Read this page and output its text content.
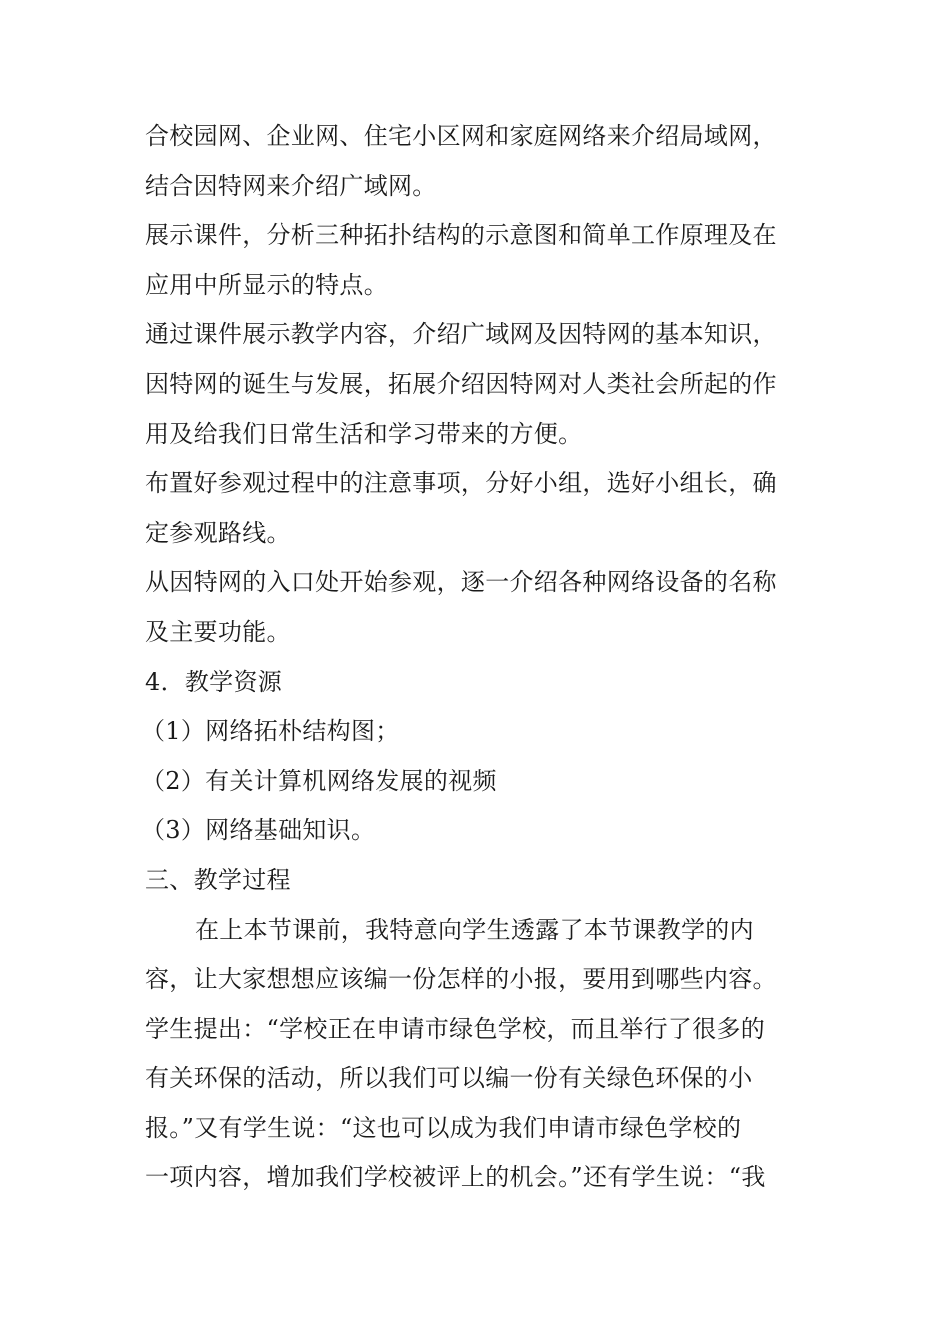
合校园网、企业网、住宅小区网和家庭网络来介绍局域网，
结合因特网来介绍广域网。
展示课件，分析三种拓扑结构的示意图和简单工作原理及在
应用中所显示的特点。
通过课件展示教学内容，介绍广域网及因特网的基本知识，
因特网的诞生与发展，拓展介绍因特网对人类社会所起的作
用及给我们日常生活和学习带来的方便。
布置好参观过程中的注意事项，分好小组，选好小组长，确
定参观路线。
从因特网的入口处开始参观，逐一介绍各种网络设备的名称
及主要功能。
4．教学资源
（1）网络拓朴结构图；
（2）有关计算机网络发展的视频
（3）网络基础知识。
三、教学过程
在上本节课前，我特意向学生透露了本节课教学的内
容，让大家想想应该编一份怎样的小报，要用到哪些内容。
学生提出：“学校正在申请市绿色学校，而且举行了很多的
有关环保的活动，所以我们可以编一份有关绿色环保的小
报。”又有学生说：“这也可以成为我们申请市绿色学校的
一项内容，增加我们学校被评上的机会。”还有学生说：“我
